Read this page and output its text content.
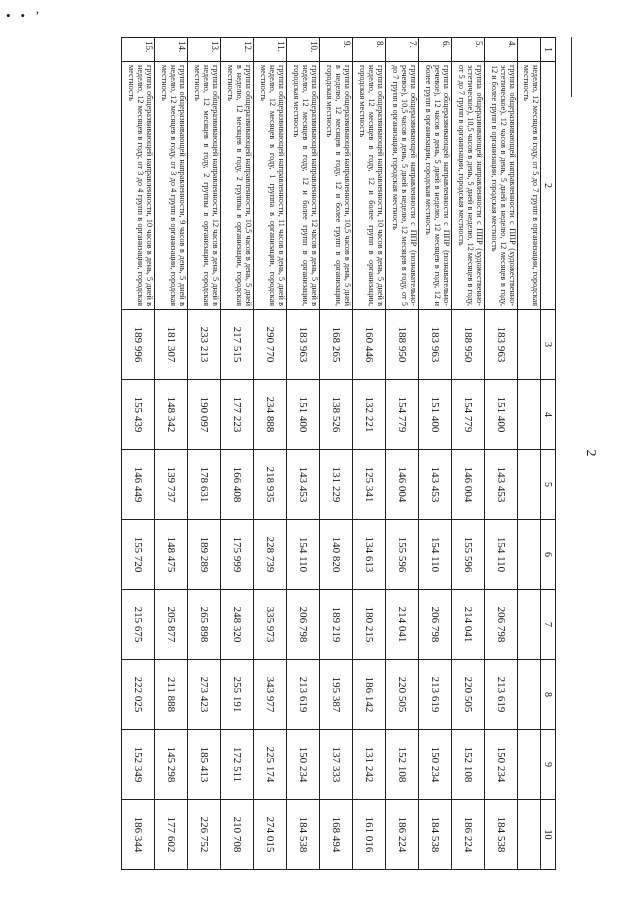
••’
2
1	2	3	4	5	6	7	8	9	10
	неделю, 12 месяцев в году, от 5 до 7 групп в организации, городская местность								
4.	группа общеразвивающей направленности с ППР (художественно-эстетическое), 12 часов в день, 5 дней в неделю, 12 месяцев в году, 12 и более групп в организации, городская местность	183 963	151 400	143 453	154 110	206 798	213 619	150 234	184 538
5.	группа общеразвивающей направленности с ППР (художественно-эстетическое), 10,5 часов в день, 5 дней в неделю, 12 месяцев в году, от 5 до 7 групп в организации, городская местность	188 950	154 779	146 004	155 596	214 041	220 505	152 108	186 224
6.	группа общеразвивающей направленности с ППР (познавательно-речевое), 12 часов в день, 5 дней в неделю, 12 месяцев в году, 12 и более групп в организации, городская местность	183 963	151 400	143 453	154 110	206 798	213 619	150 234	184 538
7.	группа общеразвивающей направленности с ППР (познавательно-речевое), 10,5 часов в день, 5 дней в неделю, 12 месяцев в году, от 5 до 7 групп в организации, городская местность	188 950	154 779	146 004	155 596	214 041	220 505	152 108	186 224
8.	группа общеразвивающей направленности, 10 часов в день, 5 дней в неделю, 12 месяцев в году, 12 и более групп в организации, городская местность	160 446	132 221	125 341	134 613	180 215	186 142	131 242	161 016
9.	группа общеразвивающей направленности, 10,5 часов в день, 5 дней в неделю, 12 месяцев в году, 12 и более групп в организации, городская местность	168 265	138 526	131 229	140 820	189 219	195 387	137 333	168 494
10.	группа общеразвивающей направленности, 12 часов в день, 5 дней в неделю, 12 месяцев в году, 12 и более групп в организации, городская местность	183 963	151 400	143 453	154 110	206 798	213 619	150 234	184 538
11.	группа общеразвивающей направленности, 11 часов в день, 5 дней в неделю, 12 месяцев в году, 1 группа в организации, городская местность	290 770	234 888	218 935	228 739	335 973	343 977	225 174	274 015
12.	группа общеразвивающей направленности, 10,5 часов в день, 5 дней в неделю, 12 месяцев в году, 2 группы в организации, городская местность	217 515	177 223	166 408	175 999	248 320	255 191	172 511	210 708
13.	группа общеразвивающей направленности, 12 часов в день, 5 дней в неделю, 12 месяцев в году, 2 группы в организации, городская местность	233 213	190 097	178 631	189 289	265 898	273 423	185 413	226 752
14.	группа общеразвивающей направленности, 9 часов в день, 5 дней в неделю, 12 месяцев в году, от 3 до 4 групп в организации, городская местность	181 307	148 342	139 737	148 475	205 877	211 888	145 298	177 602
15.	группа общеразвивающей направленности, 10 часов в день, 5 дней в неделю, 12 месяцев в году, от 3 до 4 групп в организации, городская местность	189 996	155 439	146 449	155 720	215 675	222 025	152 349	186 344
